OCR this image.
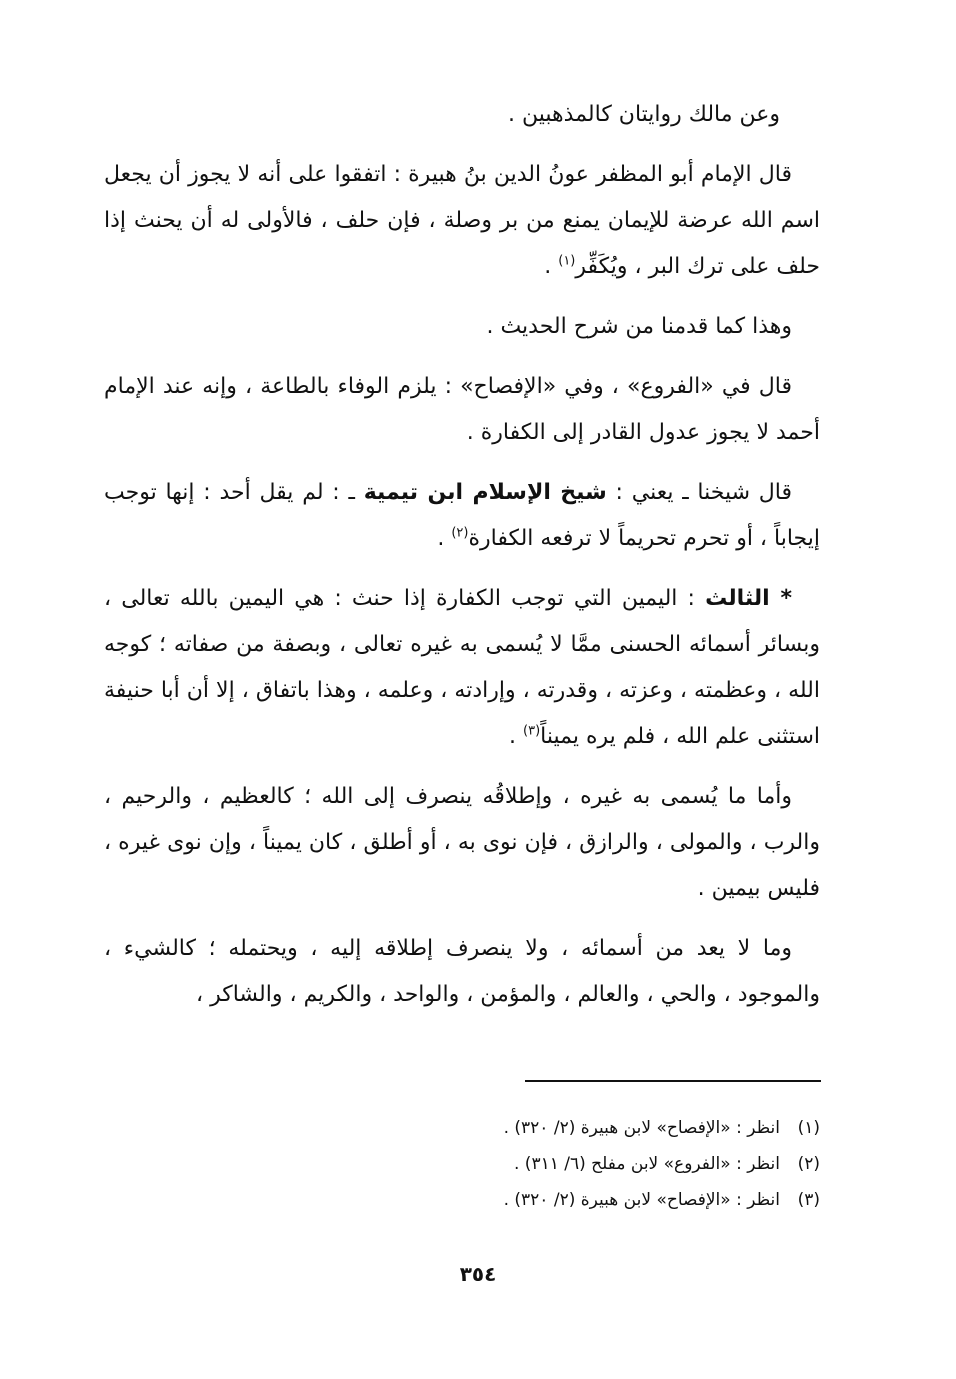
وعن مالك روايتان كالمذهبين .

قال الإمام أبو المظفر عونُ الدين بنُ هبيرة : اتفقوا على أنه لا يجوز أن يجعل اسم الله عرضة للإيمان يمنع من بر وصلة ، فإن حلف ، فالأولى له أن يحنث إذا حلف على ترك البر ، ويُكَفِّر$^{(١)}$ .

وهذا كما قدمنا من شرح الحديث .

قال في «الفروع» ، وفي «الإفصاح» : يلزم الوفاء بالطاعة ، وإنه عند الإمام أحمد لا يجوز عدول القادر إلى الكفارة .

قال شيخنا ـ يعني : شيخ الإسلام ابن تيمية ـ : لم يقل أحد : إنها توجب إيجاباً ، أو تحرم تحريماً لا ترفعه الكفارة$^{(٢)}$ .

* الثالث : اليمين التي توجب الكفارة إذا حنث : هي اليمين بالله تعالى ، وبسائر أسمائه الحسنى ممَّا لا يُسمى به غيره تعالى ، وبصفة من صفاته ؛ كوجه الله ، وعظمته ، وعزته ، وقدرته ، وإرادته ، وعلمه ، وهذا باتفاق ، إلا أن أبا حنيفة استثنى علم الله ، فلم يره يميناً$^{(٣)}$ .

وأما ما يُسمى به غيره ، وإطلاقُه ينصرف إلى الله ؛ كالعظيم ، والرحيم ، والرب ، والمولى ، والرازق ، فإن نوى به ، أو أطلق ، كان يميناً ، وإن نوى غيره ، فليس بيمين .

وما لا يعد من أسمائه ، ولا ينصرف إطلاقه إليه ، ويحتمله ؛ كالشيء ، والموجود ، والحي ، والعالم ، والمؤمن ، والواحد ، والكريم ، والشاكر ،

(١)
انظر : «الإفصاح» لابن هبيرة (٢/ ٣٢٠) .
(٢)
انظر : «الفروع» لابن مفلح (٦/ ٣١١) .
(٣)
انظر : «الإفصاح» لابن هبيرة (٢/ ٣٢٠) .
٣٥٤
